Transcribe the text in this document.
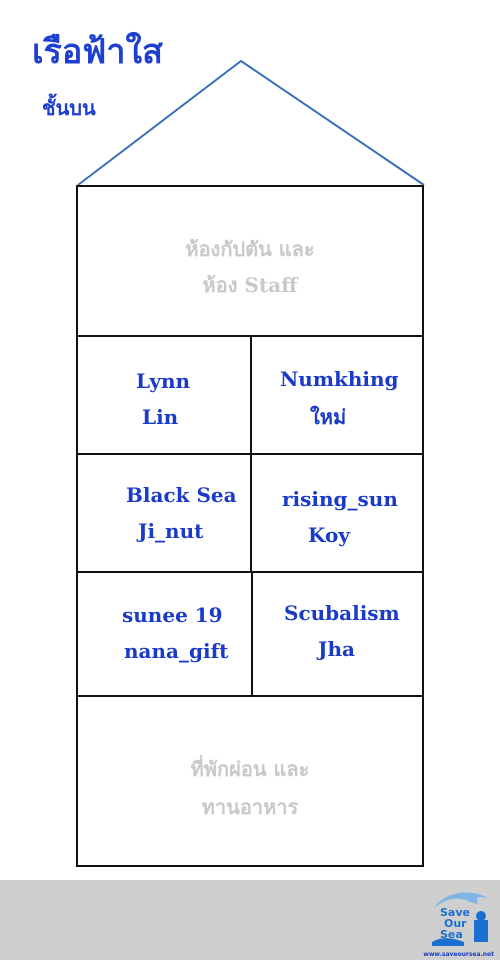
เรือฟ้าใส
ชั้นบน
ห้องกัปตัน และ
ห้อง Staff
Lynn
Lin
Numkhing
ใหม่
Black Sea
Ji_nut
rising_sun
Koy
sunee 19
nana_gift
Scubalism
Jha
ที่พักผ่อน และ
ทานอาหาร
Save
Our
Sea
www.saveoursea.net
